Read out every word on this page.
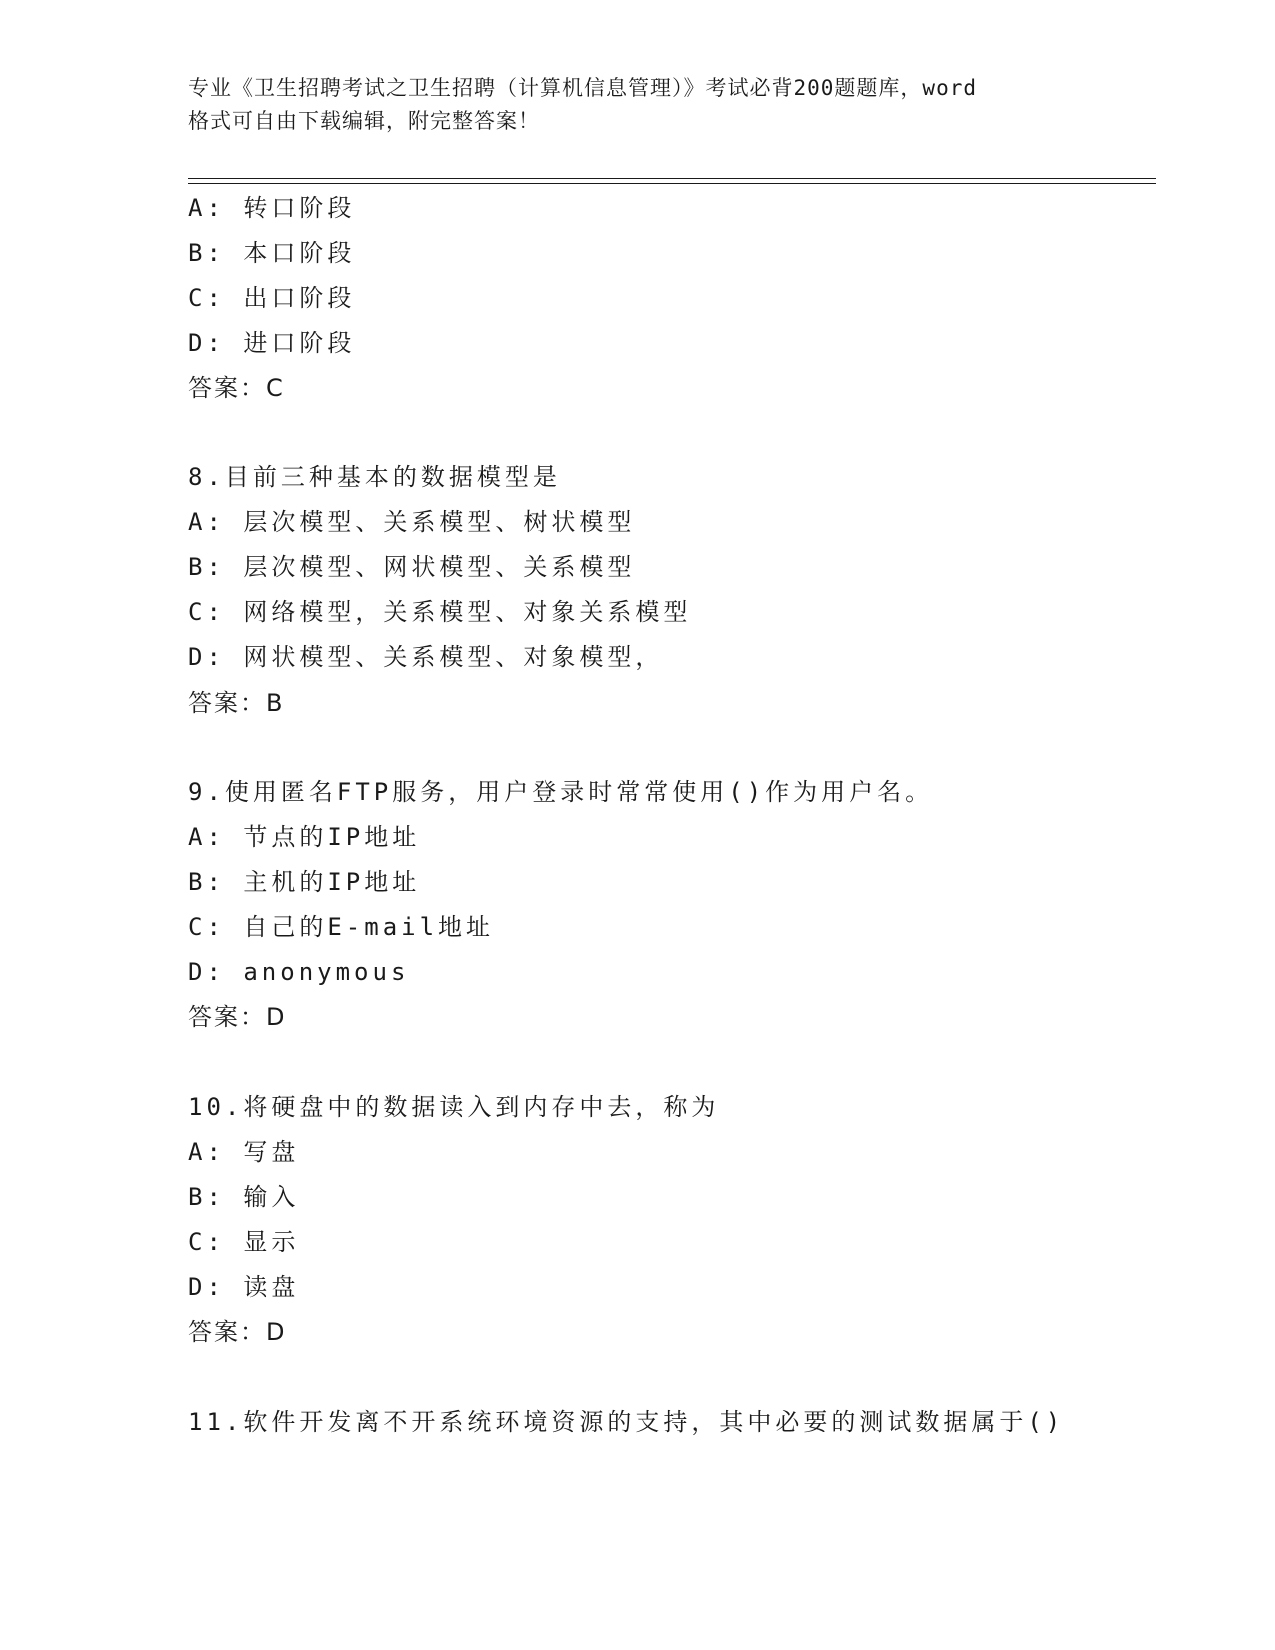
专业《卫生招聘考试之卫生招聘（计算机信息管理）》考试必背200题题库，word
格式可自由下载编辑，附完整答案！
A: 转口阶段
B: 本口阶段
C: 出口阶段
D: 进口阶段
答案：C
8.目前三种基本的数据模型是
A: 层次模型、关系模型、树状模型
B: 层次模型、网状模型、关系模型
C: 网络模型，关系模型、对象关系模型
D: 网状模型、关系模型、对象模型，
答案：B
9.使用匿名FTP服务，用户登录时常常使用()作为用户名。
A: 节点的IP地址
B: 主机的IP地址
C: 自己的E-mail地址
D: anonymous
答案：D
10.将硬盘中的数据读入到内存中去，称为
A: 写盘
B: 输入
C: 显示
D: 读盘
答案：D
11.软件开发离不开系统环境资源的支持，其中必要的测试数据属于()
